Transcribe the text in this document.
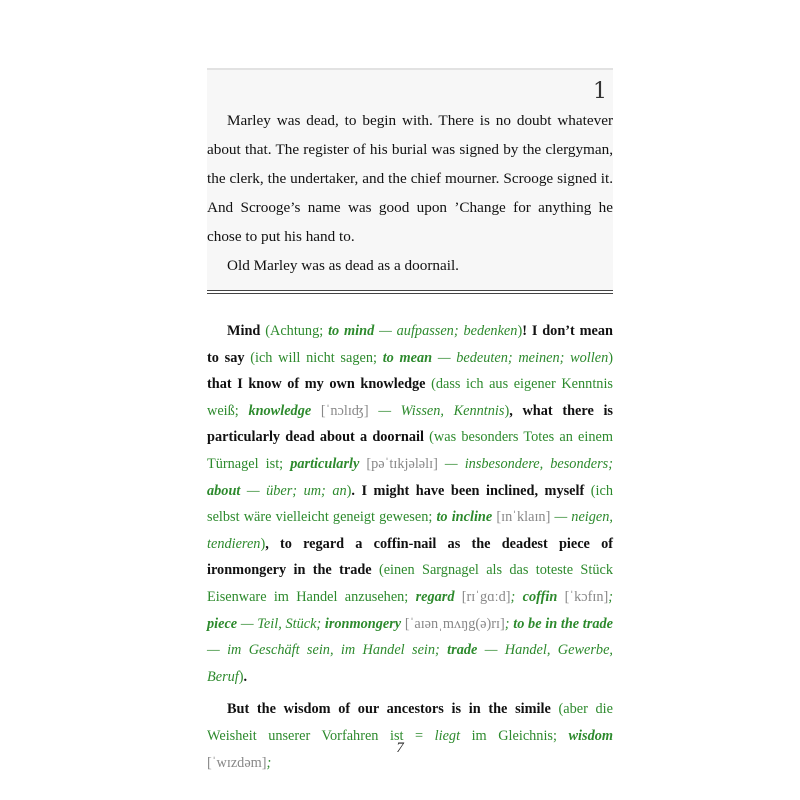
1

Marley was dead, to begin with. There is no doubt whatever about that. The register of his burial was signed by the clergyman, the clerk, the undertaker, and the chief mourner. Scrooge signed it. And Scrooge’s name was good upon ’Change for anything he chose to put his hand to.

Old Marley was as dead as a doornail.

Mind (Achtung; to mind — aufpassen; bedenken)! I don’t mean to say (ich will nicht sagen; to mean — bedeuten; meinen; wollen) that I know of my own knowledge (dass ich aus eigener Kenntnis weiß; knowledge [ˈnɔlɪʤ] — Wissen, Kenntnis), what there is particularly dead about a doornail (was besonders Totes an einem Türnagel ist; particularly [pəˈtɪkjələlɪ] — insbesondere, besonders; about — über; um; an). I might have been inclined, myself (ich selbst wäre vielleicht geneigt gewesen; to incline [ɪnˈklaɪn] — neigen, tendieren), to regard a coffin-nail as the deadest piece of ironmongery in the trade (einen Sargnagel als das toteste Stück Eisenware im Handel anzusehen; regard [rɪˈgɑːd]; coffin [ˈkɔfɪn]; piece — Teil, Stück; ironmongery [ˈaɪənˌmʌŋg(ə)rɪ]; to be in the trade — im Geschäft sein, im Handel sein; trade — Handel, Gewerbe, Beruf).

But the wisdom of our ancestors is in the simile (aber die Weisheit unserer Vorfahren ist = liegt im Gleichnis; wisdom [ˈwɪzdəm];

7
